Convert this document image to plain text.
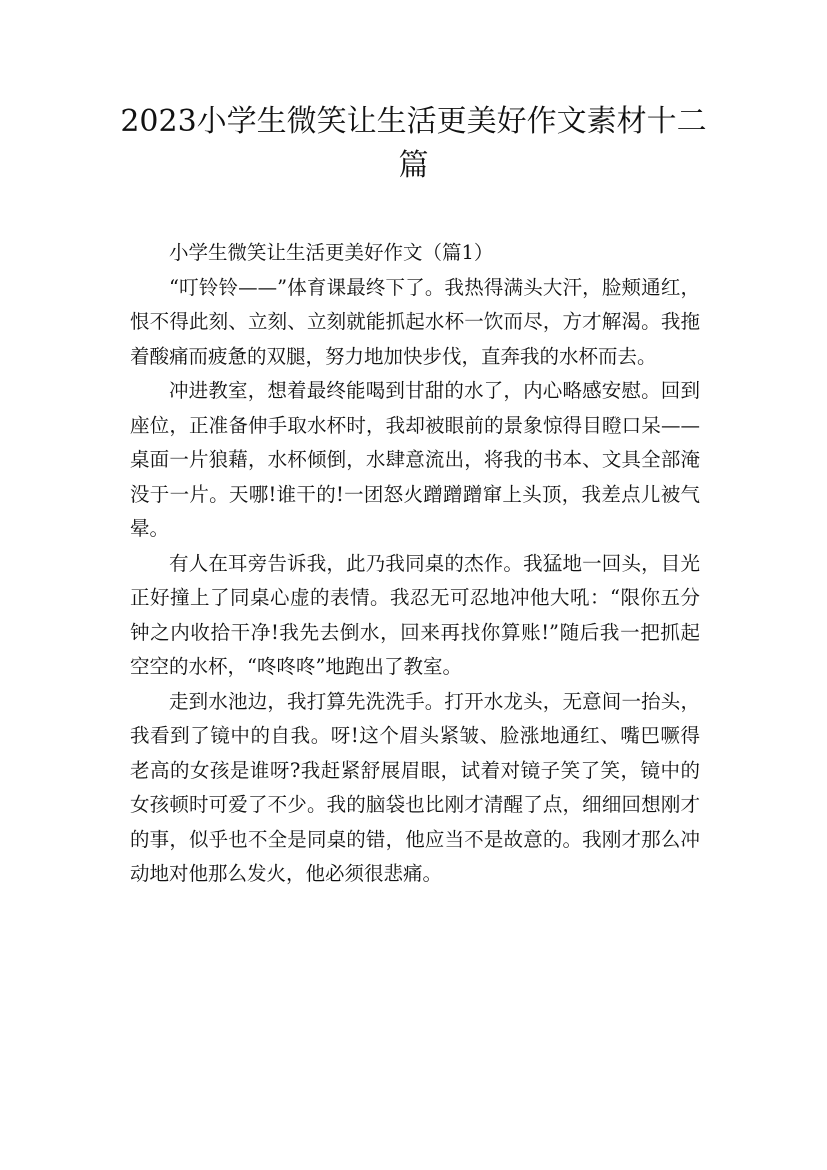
2023小学生微笑让生活更美好作文素材十二篇

小学生微笑让生活更美好作文（篇1）

“叮铃铃——”体育课最终下了。我热得满头大汗，脸颊通红，恨不得此刻、立刻、立刻就能抓起水杯一饮而尽，方才解渴。我拖着酸痛而疲惫的双腿，努力地加快步伐，直奔我的水杯而去。

冲进教室，想着最终能喝到甘甜的水了，内心略感安慰。回到座位，正准备伸手取水杯时，我却被眼前的景象惊得目瞪口呆——桌面一片狼藉，水杯倾倒，水肆意流出，将我的书本、文具全部淹没于一片。天哪!谁干的!一团怒火蹭蹭蹭窜上头顶，我差点儿被气晕。

有人在耳旁告诉我，此乃我同桌的杰作。我猛地一回头，目光正好撞上了同桌心虚的表情。我忍无可忍地冲他大吼：“限你五分钟之内收拾干净!我先去倒水，回来再找你算账!”随后我一把抓起空空的水杯，“咚咚咚”地跑出了教室。

走到水池边，我打算先洗洗手。打开水龙头，无意间一抬头，我看到了镜中的自我。呀!这个眉头紧皱、脸涨地通红、嘴巴噘得老高的女孩是谁呀?我赶紧舒展眉眼，试着对镜子笑了笑，镜中的女孩顿时可爱了不少。我的脑袋也比刚才清醒了点，细细回想刚才的事，似乎也不全是同桌的错，他应当不是故意的。我刚才那么冲动地对他那么发火，他必须很悲痛。
